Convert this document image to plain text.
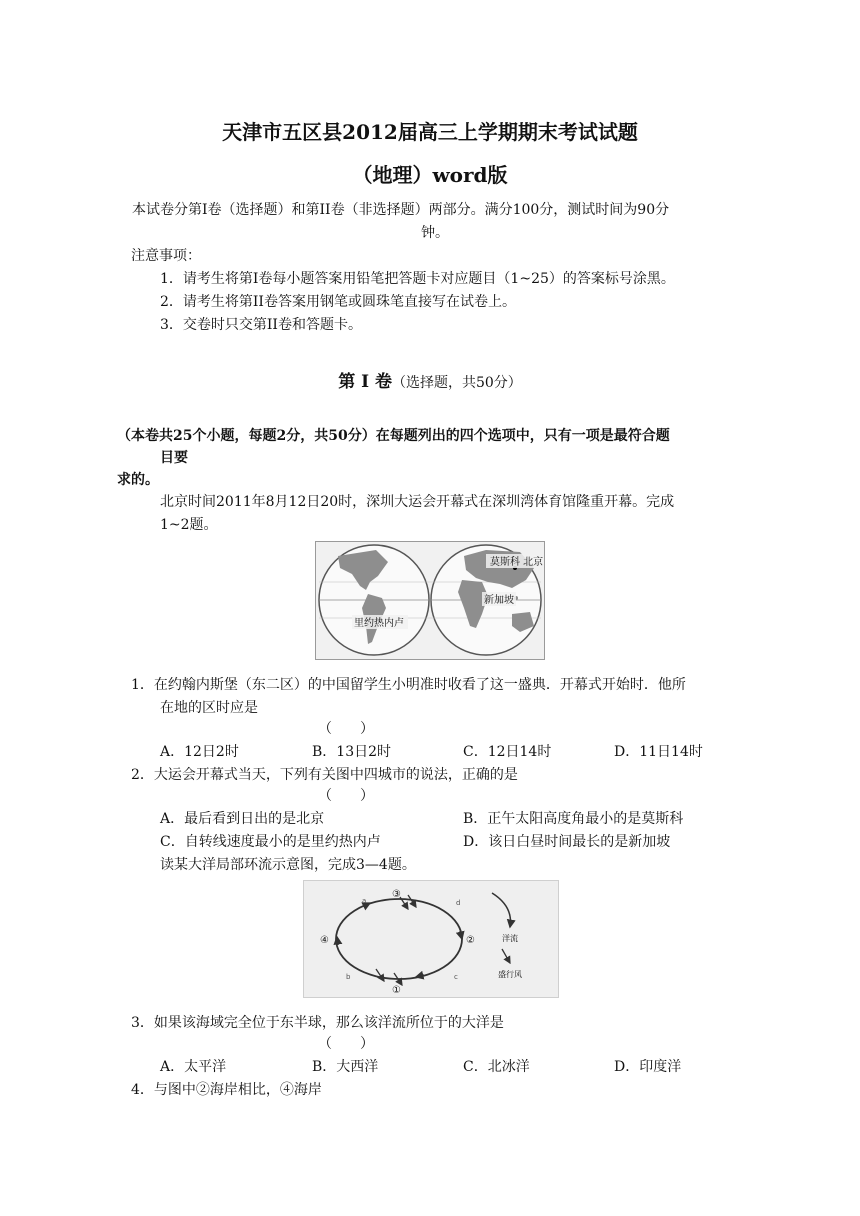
天津市五区县2012届高三上学期期末考试试题
（地理）word版
本试卷分第I卷（选择题）和第II卷（非选择题）两部分。满分100分，测试时间为90分
钟。
注意事项：
1．请考生将第I卷每小题答案用铅笔把答题卡对应题目（1~25）的答案标号涂黑。
2．请考生将第II卷答案用钢笔或圆珠笔直接写在试卷上。
3．交卷时只交第II卷和答题卡。
第 Ⅰ 卷（选择题，共50分）
（本卷共25个小题，每题2分，共50分）在每题列出的四个选项中，只有一项是最符合题
目要
求的。
北京时间2011年8月12日20时，深圳大运会开幕式在深圳湾体育馆隆重开幕。完成
1~2题。
莫斯科 北京
新加坡
里约热内卢
1．在约翰内斯堡（东二区）的中国留学生小明准时收看了这一盛典．开幕式开始时．他所
在地的区时应是
（　　）
A．12日2时	B．13日2时	C．12日14时	D．11日14时
2．大运会开幕式当天，下列有关图中四城市的说法，正确的是
（　　）
A．最后看到日出的是北京	B．正午太阳高度角最小的是莫斯科
C．自转线速度最小的是里约热内卢	D．该日白昼时间最长的是新加坡
读某大洋局部环流示意图，完成3—4题。
③
④	②
①
a
b	c
d
洋流
盛行风
3．如果该海域完全位于东半球，那么该洋流所位于的大洋是
（　　）
A．太平洋	B．大西洋	C．北冰洋	D．印度洋
4．与图中②海岸相比，④海岸
